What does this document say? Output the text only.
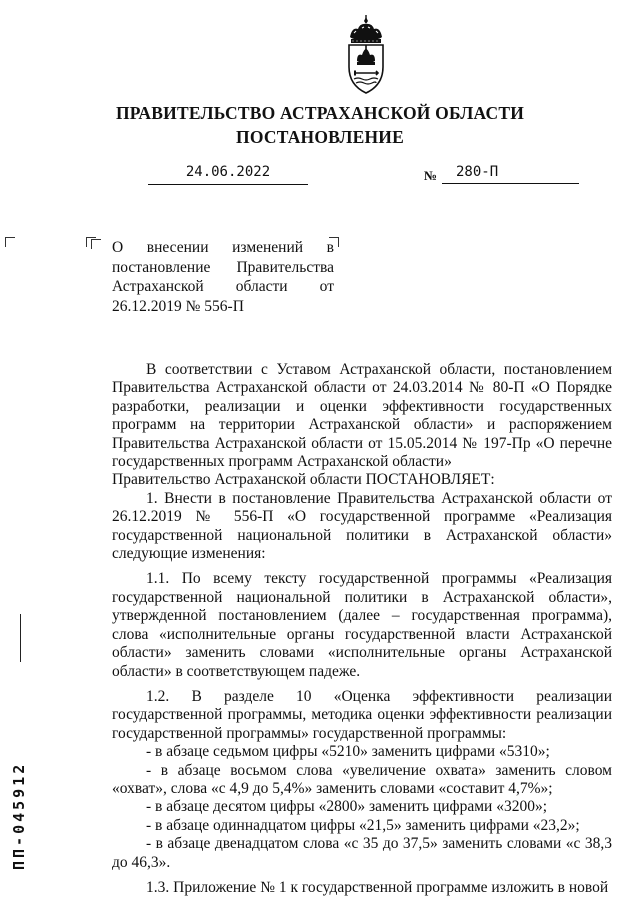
ПРАВИТЕЛЬСТВО АСТРАХАНСКОЙ ОБЛАСТИ
ПОСТАНОВЛЕНИЕ
24.06.2022	№	280-П
О внесении изменений в постановление Правительства Астраханской области от 26.12.2019 № 556-П

В соответствии с Уставом Астраханской области, постановлением Правительства Астраханской области от 24.03.2014 № 80-П «О Порядке разработки, реализации и оценки эффективности государственных программ на территории Астраханской области» и распоряжением Правительства Астраханской области от 15.05.2014 № 197-Пр «О перечне государственных программ Астраханской области»

Правительство Астраханской области ПОСТАНОВЛЯЕТ:

1. Внести в постановление Правительства Астраханской области от 26.12.2019 № 556-П «О государственной программе «Реализация государственной национальной политики в Астраханской области» следующие изменения:

1.1. По всему тексту государственной программы «Реализация государственной национальной политики в Астраханской области», утвержденной постановлением (далее – государственная программа), слова «исполнительные органы государственной власти Астраханской области» заменить словами «исполнительные органы Астраханской области» в соответствующем падеже.

1.2. В разделе 10 «Оценка эффективности реализации государственной программы, методика оценки эффективности реализации государственной программы» государственной программы:

- в абзаце седьмом цифры «5210» заменить цифрами «5310»;

- в абзаце восьмом слова «увеличение охвата» заменить словом «охват», слова «с 4,9 до 5,4%» заменить словами «составит 4,7%»;

- в абзаце десятом цифры «2800» заменить цифрами «3200»;

- в абзаце одиннадцатом цифры «21,5» заменить цифрами «23,2»;

- в абзаце двенадцатом слова «с 35 до 37,5» заменить словами «с 38,3 до 46,3».

1.3. Приложение № 1 к государственной программе изложить в новой

ПП-045912
